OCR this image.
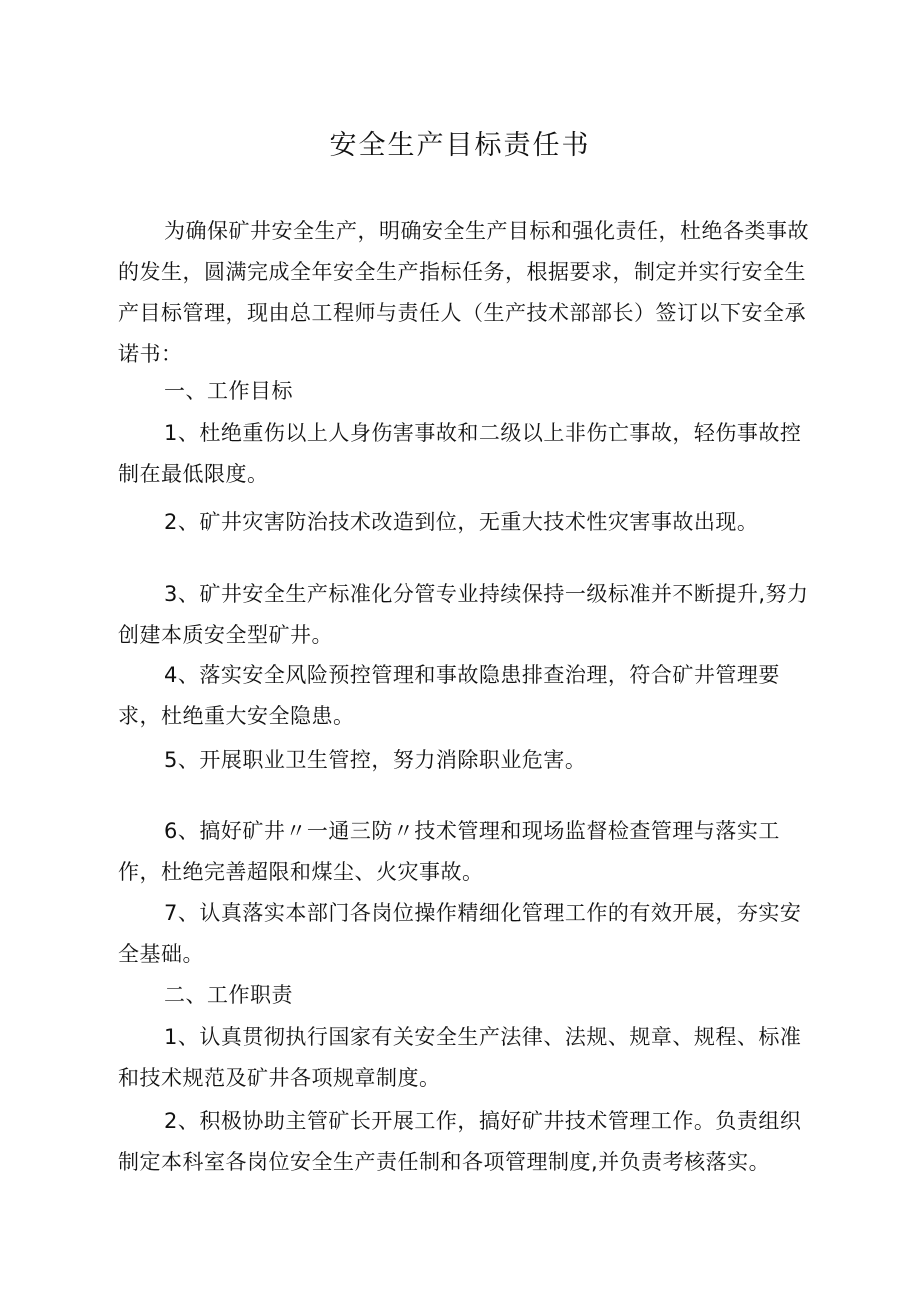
安全生产目标责任书

为确保矿井安全生产，明确安全生产目标和强化责任，杜绝各类事故的发生，圆满完成全年安全生产指标任务，根据要求，制定并实行安全生产目标管理，现由总工程师与责任人（生产技术部部长）签订以下安全承诺书：

一、工作目标

1、杜绝重伤以上人身伤害事故和二级以上非伤亡事故，轻伤事故控制在最低限度。

2、矿井灾害防治技术改造到位，无重大技术性灾害事故出现。

3、矿井安全生产标准化分管专业持续保持一级标准并不断提升,努力创建本质安全型矿井。

4、落实安全风险预控管理和事故隐患排查治理，符合矿井管理要求，杜绝重大安全隐患。

5、开展职业卫生管控，努力消除职业危害。

6、搞好矿井〃一通三防〃技术管理和现场监督检查管理与落实工作，杜绝完善超限和煤尘、火灾事故。

7、认真落实本部门各岗位操作精细化管理工作的有效开展，夯实安全基础。

二、工作职责

1、认真贯彻执行国家有关安全生产法律、法规、规章、规程、标准和技术规范及矿井各项规章制度。

2、积极协助主管矿长开展工作，搞好矿井技术管理工作。负责组织制定本科室各岗位安全生产责任制和各项管理制度,并负责考核落实。
